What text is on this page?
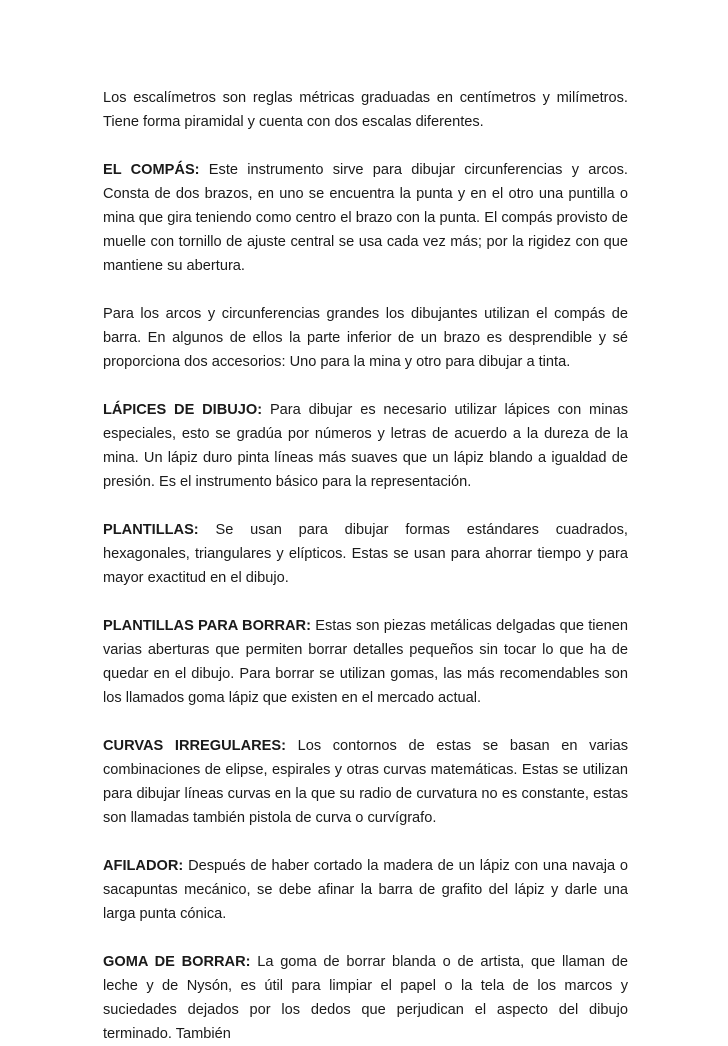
Los escalímetros son reglas métricas graduadas en centímetros y milímetros. Tiene forma piramidal y cuenta con dos escalas diferentes.

EL COMPÁS: Este instrumento sirve para dibujar circunferencias y arcos. Consta de dos brazos, en uno se encuentra la punta y en el otro una puntilla o mina que gira teniendo como centro el brazo con la punta. El compás provisto de muelle con tornillo de ajuste central se usa cada vez más; por la rigidez con que mantiene su abertura.

Para los arcos y circunferencias grandes los dibujantes utilizan el compás de barra. En algunos de ellos la parte inferior de un brazo es desprendible y sé proporciona dos accesorios: Uno para la mina y otro para dibujar a tinta.

LÁPICES DE DIBUJO: Para dibujar es necesario utilizar lápices con minas especiales, esto se gradúa por números y letras de acuerdo a la dureza de la mina. Un lápiz duro pinta líneas más suaves que un lápiz blando a igualdad de presión. Es el instrumento básico para la representación.

PLANTILLAS: Se usan para dibujar formas estándares cuadrados, hexagonales, triangulares y elípticos. Estas se usan para ahorrar tiempo y para mayor exactitud en el dibujo.

PLANTILLAS PARA BORRAR: Estas son piezas metálicas delgadas que tienen varias aberturas que permiten borrar detalles pequeños sin tocar lo que ha de quedar en el dibujo. Para borrar se utilizan gomas, las más recomendables son los llamados goma lápiz que existen en el mercado actual.

CURVAS IRREGULARES: Los contornos de estas se basan en varias combinaciones de elipse, espirales y otras curvas matemáticas. Estas se utilizan para dibujar líneas curvas en la que su radio de curvatura no es constante, estas son llamadas también pistola de curva o curvígrafo.

AFILADOR: Después de haber cortado la madera de un lápiz con una navaja o sacapuntas mecánico, se debe afinar la barra de grafito del lápiz y darle una larga punta cónica.

GOMA DE BORRAR: La goma de borrar blanda o de artista, que llaman de leche y de Nysón, es útil para limpiar el papel o la tela de los marcos y suciedades dejados por los dedos que perjudican el aspecto del dibujo terminado. También
